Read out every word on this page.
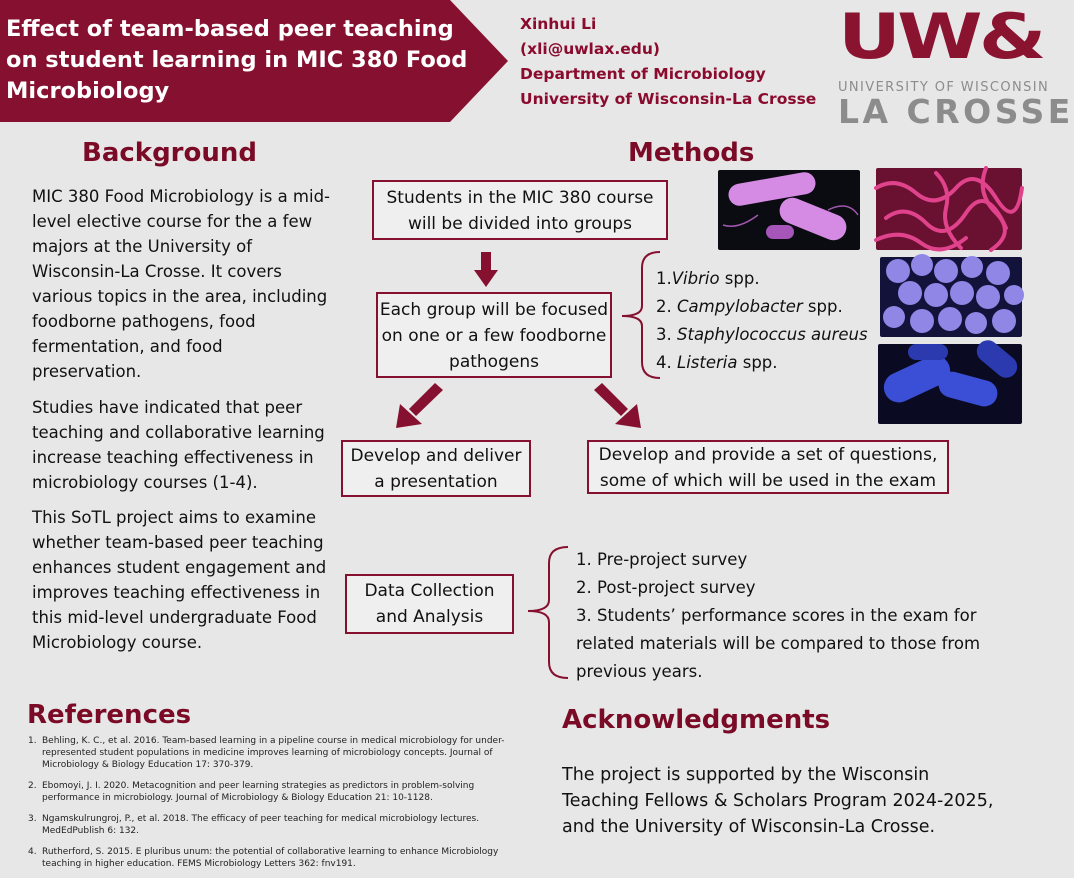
Effect of team-based peer teaching on student learning in MIC 380 Food Microbiology
Xinhui Li
(xli@uwlax.edu)
Department of Microbiology
University of Wisconsin-La Crosse
UW&
UNIVERSITY OF WISCONSIN
LA CROSSE
Background
MIC 380 Food Microbiology is a mid-level elective course for the a few majors at the University of Wisconsin-La Crosse. It covers various topics in the area, including foodborne pathogens, food fermentation, and food preservation.
Studies have indicated that peer teaching and collaborative learning increase teaching effectiveness in microbiology courses (1-4).
This SoTL project aims to examine whether team-based peer teaching enhances student engagement and improves teaching effectiveness in this mid-level undergraduate Food Microbiology course.
Methods
Students in the MIC 380 course will be divided into groups
Each group will be focused on one or a few foodborne pathogens
Develop and deliver a presentation
Develop and provide a set of questions, some of which will be used in the exam
Data Collection and Analysis
1.Vibrio spp.
2. Campylobacter spp.
3. Staphylococcus aureus
4. Listeria spp.
1. Pre-project survey
2. Post-project survey
3. Students’ performance scores in the exam for related materials will be compared to those from previous years.
References
1. Behling, K. C., et al. 2016. Team-based learning in a pipeline course in medical microbiology for under-represented student populations in medicine improves learning of microbiology concepts. Journal of Microbiology & Biology Education 17: 370-379.
2. Ebomoyi, J. I. 2020. Metacognition and peer learning strategies as predictors in problem-solving performance in microbiology. Journal of Microbiology & Biology Education 21: 10-1128.
3. Ngamskulrungroj, P., et al. 2018. The efficacy of peer teaching for medical microbiology lectures. MedEdPublish 6: 132.
4. Rutherford, S. 2015. E pluribus unum: the potential of collaborative learning to enhance Microbiology teaching in higher education. FEMS Microbiology Letters 362: fnv191.
Acknowledgments
The project is supported by the Wisconsin Teaching Fellows & Scholars Program 2024-2025, and the University of Wisconsin-La Crosse.
